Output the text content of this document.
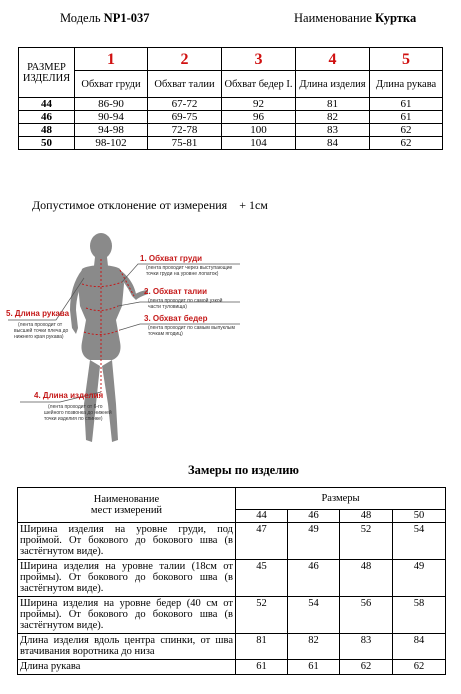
Модель NP1-037	Наименование Куртка
РАЗМЕР ИЗДЕЛИЯ	1	2	3	4	5
	Обхват груди	Обхват талии	Обхват бедер I.	Длина изделия	Длина рукава
44	86-90	67-72	92	81	61
46	90-94	69-75	96	82	61
48	94-98	72-78	100	83	62
50	98-102	75-81	104	84	62
Допустимое отклонение от измерения + 1см
1. Обхват груди
(лента проходит через выступающие
точки груди на уровне лопаток)
2. Обхват талии
(лента проходит по самой узкой
части туловища)
3. Обхват бедер
(лента проходит по самым выпуклым
точкам ягодиц)
4. Длина изделия
(лента проходит от 6-го
шейного позвонка до нижней
точки изделия по спинке)
5. Длина рукава
(лента проходит от
высшей точки плеча до
нижнего края рукава)
Замеры по изделию
Наименование
мест измерений	Размеры			
	44	46	48	50
Ширина изделия на уровне груди, под проймой. От бокового до бокового шва (в застёгнутом виде).	47	49	52	54
Ширина изделия на уровне талии (18см от проймы). От бокового до бокового шва (в застёгнутом виде).	45	46	48	49
Ширина изделия на уровне бедер (40 см от проймы). От бокового до бокового шва (в застёгнутом виде).	52	54	56	58
Длина изделия вдоль центра спинки, от шва втачивания воротника до низа	81	82	83	84
Длина рукава	61	61	62	62
